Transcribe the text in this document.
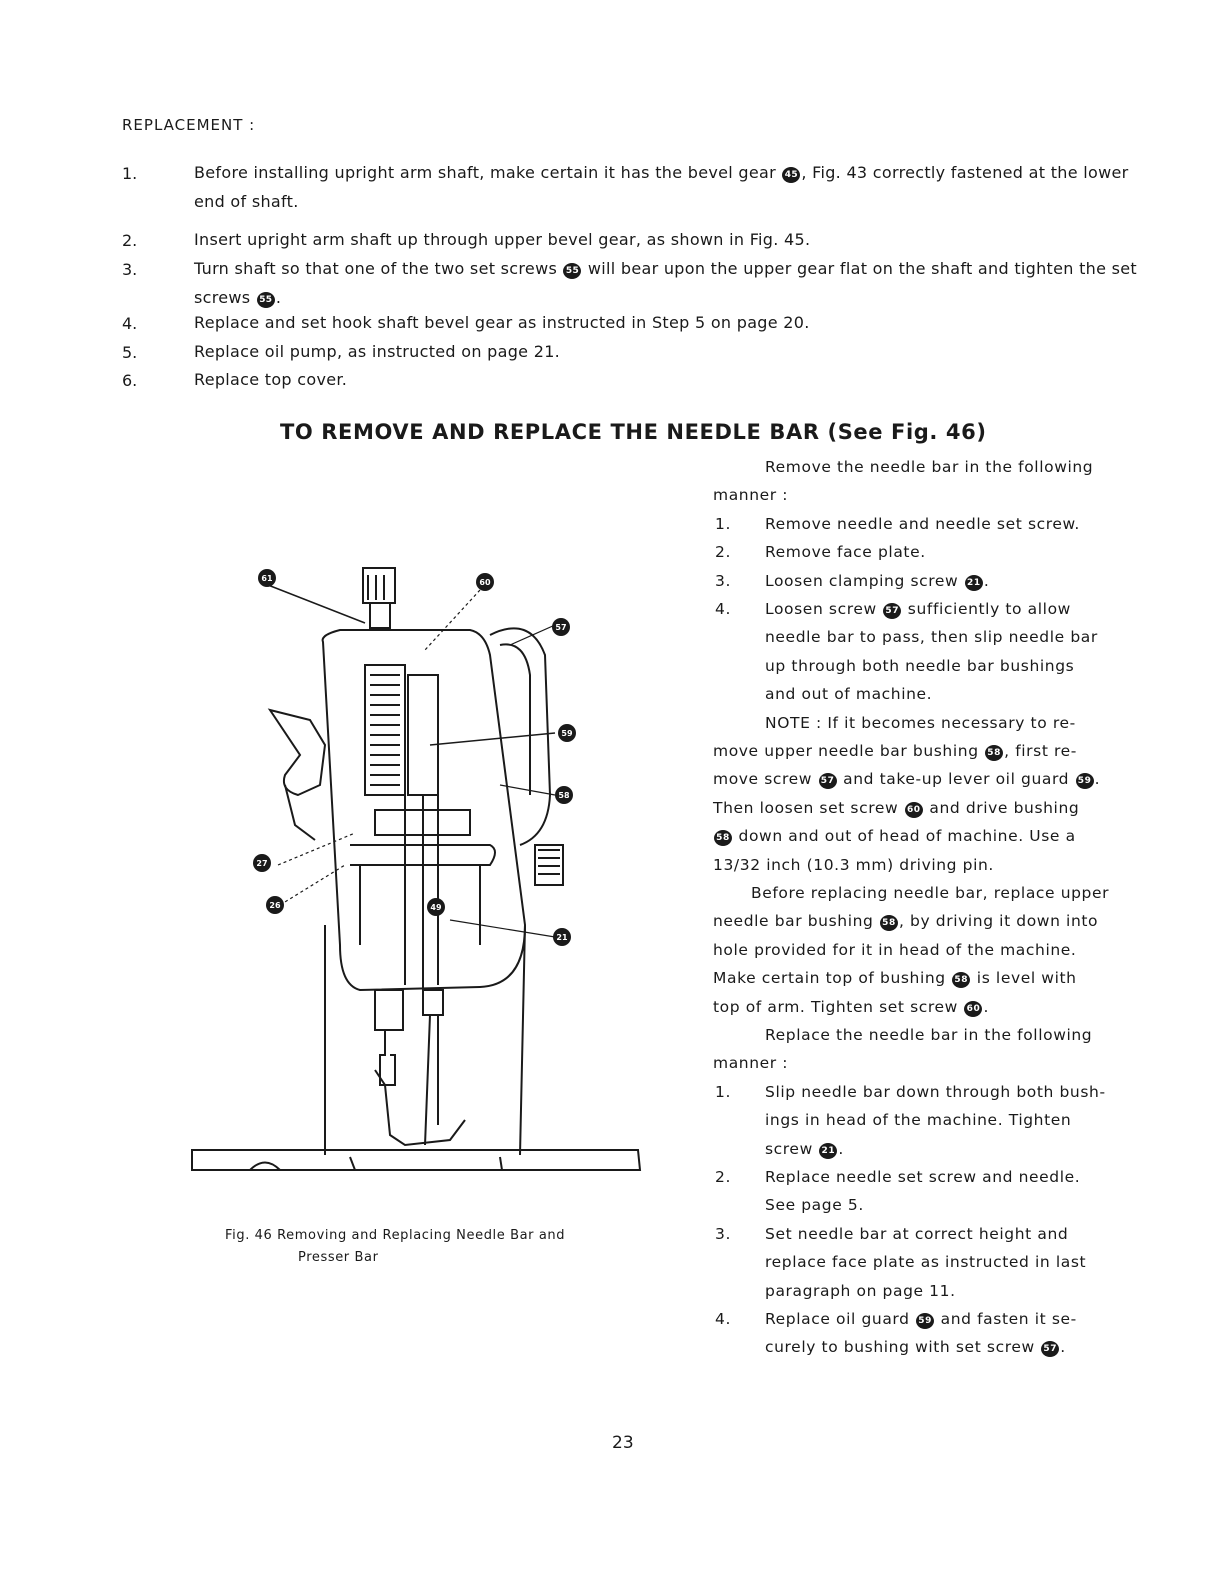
REPLACEMENT :
1.	Before installing upright arm shaft, make certain it has the bevel gear 45 , Fig. 43 correctly fastened at the lower end of shaft.
2.	Insert upright arm shaft up through upper bevel gear, as shown in Fig. 45.
3.	Turn shaft so that one of the two set screws 55 will bear upon the upper gear flat on the shaft and tighten the set screws 55 .
4.	Replace and set hook shaft bevel gear as instructed in Step 5 on page 20.
5.	Replace oil pump, as instructed on page 21.
6.	Replace top cover.
TO REMOVE AND REPLACE THE NEEDLE BAR (See Fig. 46)
Remove the needle bar in the following
manner :
1. Remove needle and needle set screw.
2. Remove face plate.
3. Loosen clamping screw 21 .
4. Loosen screw 57 sufficiently to allow
needle bar to pass, then slip needle bar
up through both needle bar bushings
and out of machine.
NOTE : If it becomes necessary to re-
move upper needle bar bushing 58 , first re-
move screw 57 and take-up lever oil guard 59 .
Then loosen set screw 60 and drive bushing
58 down and out of head of machine. Use a
13/32 inch (10.3 mm) driving pin.
Before replacing needle bar, replace upper
needle bar bushing 58 , by driving it down into
hole provided for it in head of the machine.
Make certain top of bushing 58 is level with
top of arm. Tighten set screw 60 .
Replace the needle bar in the following
manner :
1. Slip needle bar down through both bush-
ings in head of the machine. Tighten
screw 21 .
2. Replace needle set screw and needle.
See page 5.
3. Set needle bar at correct height and
replace face plate as instructed in last
paragraph on page 11.
4. Replace oil guard 59 and fasten it se-
curely to bushing with set screw 57 .
61	60
57
59
58
27
26
21
49
Fig. 46 Removing and Replacing Needle Bar and
Presser Bar
23
